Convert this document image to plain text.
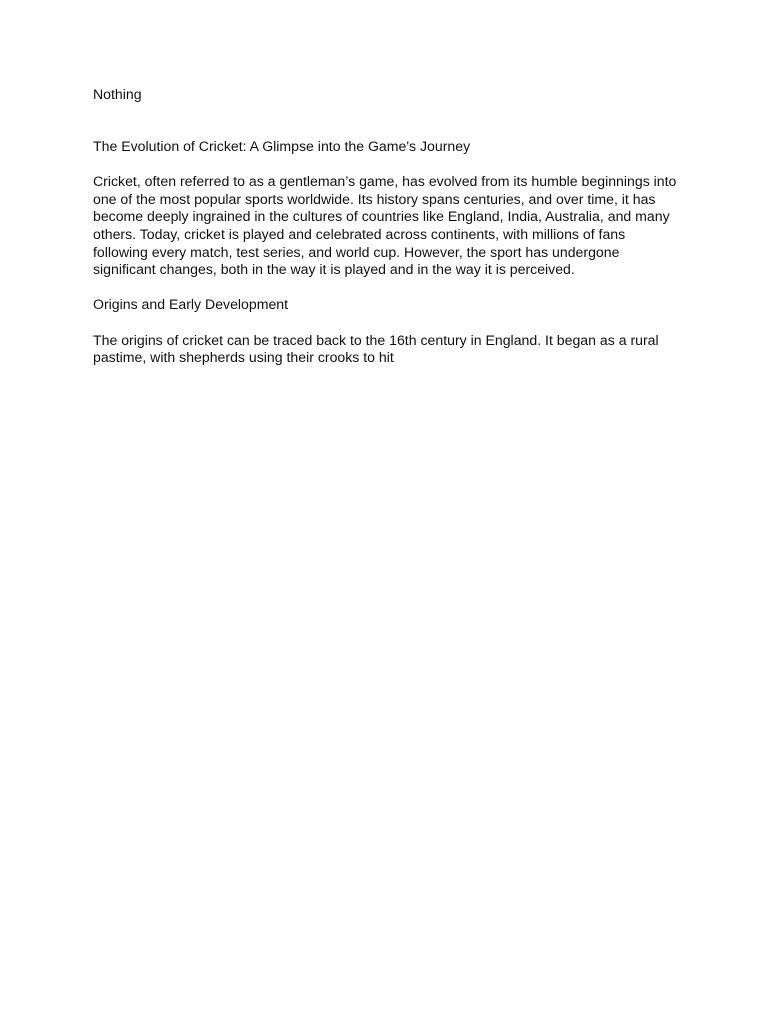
Nothing

The Evolution of Cricket: A Glimpse into the Game's Journey

Cricket, often referred to as a gentleman’s game, has evolved from its humble beginnings into one of the most popular sports worldwide. Its history spans centuries, and over time, it has become deeply ingrained in the cultures of countries like England, India, Australia, and many others. Today, cricket is played and celebrated across continents, with millions of fans following every match, test series, and world cup. However, the sport has undergone significant changes, both in the way it is played and in the way it is perceived.

Origins and Early Development

The origins of cricket can be traced back to the 16th century in England. It began as a rural pastime, with shepherds using their crooks to hit
